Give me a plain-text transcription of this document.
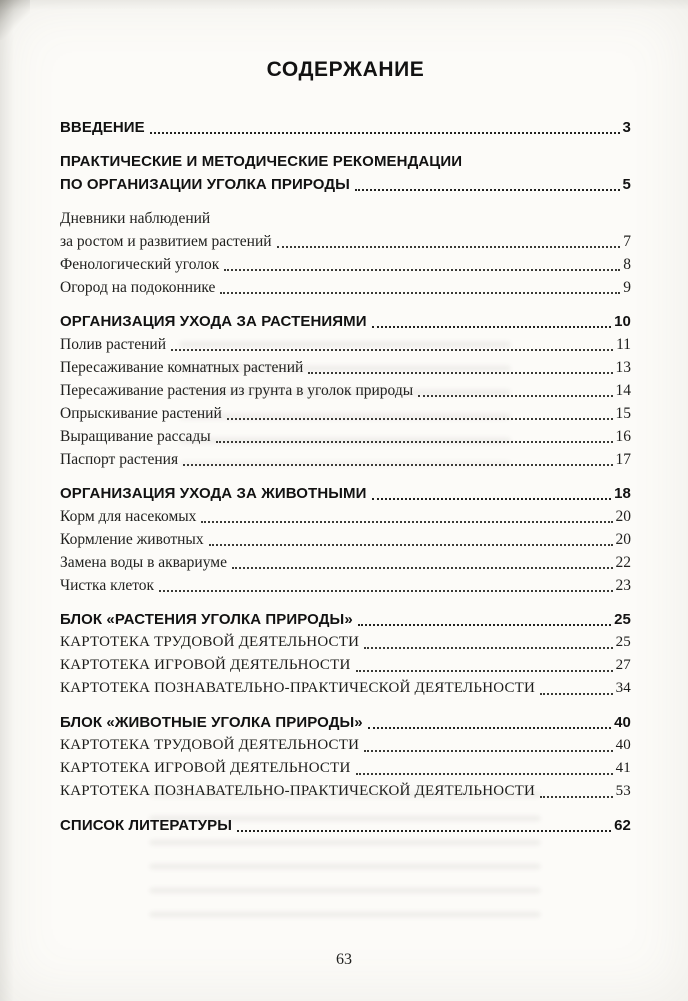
СОДЕРЖАНИЕ
ВВЕДЕНИЕ	3
ПРАКТИЧЕСКИЕ И МЕТОДИЧЕСКИЕ РЕКОМЕНДАЦИИ
ПО ОРГАНИЗАЦИИ УГОЛКА ПРИРОДЫ	5
Дневники наблюдений
за ростом и развитием растений	7
Фенологический уголок	8
Огород на подоконнике	9
ОРГАНИЗАЦИЯ УХОДА ЗА РАСТЕНИЯМИ	10
Полив растений	11
Пересаживание комнатных растений	13
Пересаживание растения из грунта в уголок природы	14
Опрыскивание растений	15
Выращивание рассады	16
Паспорт растения	17
ОРГАНИЗАЦИЯ УХОДА ЗА ЖИВОТНЫМИ	18
Корм для насекомых	20
Кормление животных	20
Замена воды в аквариуме	22
Чистка клеток	23
БЛОК «РАСТЕНИЯ УГОЛКА ПРИРОДЫ»	25
КАРТОТЕКА ТРУДОВОЙ ДЕЯТЕЛЬНОСТИ	25
КАРТОТЕКА ИГРОВОЙ ДЕЯТЕЛЬНОСТИ	27
КАРТОТЕКА ПОЗНАВАТЕЛЬНО-ПРАКТИЧЕСКОЙ ДЕЯТЕЛЬНОСТИ	34
БЛОК «ЖИВОТНЫЕ УГОЛКА ПРИРОДЫ»	40
КАРТОТЕКА ТРУДОВОЙ ДЕЯТЕЛЬНОСТИ	40
КАРТОТЕКА ИГРОВОЙ ДЕЯТЕЛЬНОСТИ	41
КАРТОТЕКА ПОЗНАВАТЕЛЬНО-ПРАКТИЧЕСКОЙ ДЕЯТЕЛЬНОСТИ	53
СПИСОК ЛИТЕРАТУРЫ	62
63
